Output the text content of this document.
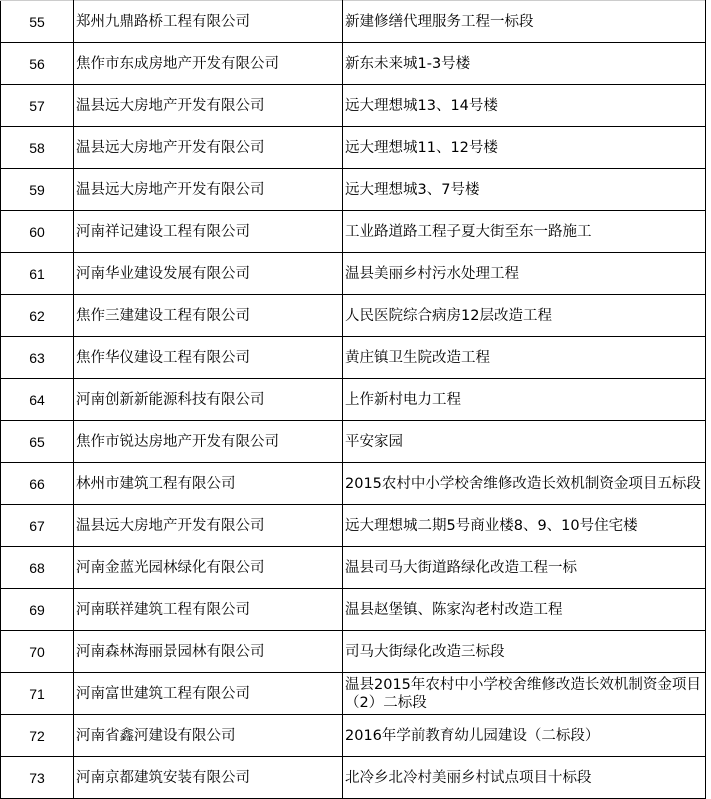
55	郑州九鼎路桥工程有限公司	新建修缮代理服务工程一标段
56	焦作市东成房地产开发有限公司	新东未来城1-3号楼
57	温县远大房地产开发有限公司	远大理想城13、14号楼
58	温县远大房地产开发有限公司	远大理想城11、12号楼
59	温县远大房地产开发有限公司	远大理想城3、7号楼
60	河南祥记建设工程有限公司	工业路道路工程子夏大街至东一路施工
61	河南华业建设发展有限公司	温县美丽乡村污水处理工程
62	焦作三建建设工程有限公司	人民医院综合病房12层改造工程
63	焦作华仪建设工程有限公司	黄庄镇卫生院改造工程
64	河南创新新能源科技有限公司	上作新村电力工程
65	焦作市锐达房地产开发有限公司	平安家园
66	林州市建筑工程有限公司	2015农村中小学校舍维修改造长效机制资金项目五标段
67	温县远大房地产开发有限公司	远大理想城二期5号商业楼8、9、10号住宅楼
68	河南金蓝光园林绿化有限公司	温县司马大街道路绿化改造工程一标
69	河南联祥建筑工程有限公司	温县赵堡镇、陈家沟老村改造工程
70	河南森林海丽景园林有限公司	司马大街绿化改造三标段
71	河南富世建筑工程有限公司	温县2015年农村中小学校舍维修改造长效机制资金项目（2）二标段
72	河南省鑫河建设有限公司	2016年学前教育幼儿园建设（二标段）
73	河南京都建筑安装有限公司	北冷乡北冷村美丽乡村试点项目十标段
